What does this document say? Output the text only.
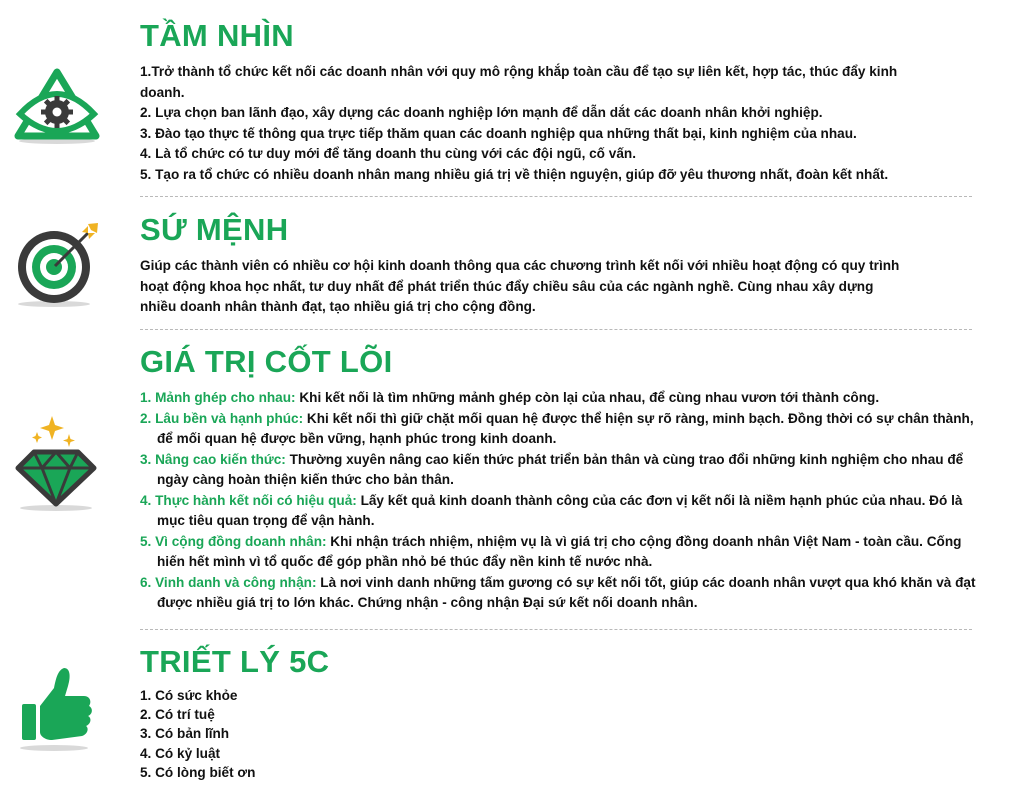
TẦM NHÌN

1.Trở thành tổ chức kết nối các doanh nhân với quy mô rộng khắp toàn cầu để tạo sự liên kết, hợp tác, thúc đẩy kinh

doanh.

2. Lựa chọn ban lãnh đạo, xây dựng các doanh nghiệp lớn mạnh để dẫn dắt các doanh nhân khởi nghiệp.

3. Đào tạo thực tế thông qua trực tiếp thăm quan các doanh nghiệp qua những thất bại, kinh nghiệm của nhau.

4. Là tổ chức có tư duy mới để tăng doanh thu cùng với các đội ngũ, cố vấn.

5. Tạo ra tổ chức có nhiều doanh nhân mang nhiều giá trị về thiện nguyện, giúp đỡ yêu thương nhất, đoàn kết nhất.

SỨ MỆNH

Giúp các thành viên có nhiều cơ hội kinh doanh thông qua các chương trình kết nối với nhiều hoạt động có quy trình

hoạt động khoa học nhất, tư duy nhất để phát triển thúc đẩy chiều sâu của các ngành nghề. Cùng nhau xây dựng

nhiều doanh nhân thành đạt, tạo nhiều giá trị cho cộng đồng.

GIÁ TRỊ CỐT LÕI

1. Mảnh ghép cho nhau: Khi kết nối là tìm những mảnh ghép còn lại của nhau, để cùng nhau vươn tới thành công.

2. Lâu bền và hạnh phúc: Khi kết nối thì giữ chặt mối quan hệ được thể hiện sự rõ ràng, minh bạch. Đồng thời có sự chân thành, để mối quan hệ được bền vững, hạnh phúc trong kinh doanh.

3. Nâng cao kiến thức: Thường xuyên nâng cao kiến thức phát triển bản thân và cùng trao đổi những kinh nghiệm cho nhau để ngày càng hoàn thiện kiến thức cho bản thân.

4. Thực hành kết nối có hiệu quả: Lấy kết quả kinh doanh thành công của các đơn vị kết nối là niềm hạnh phúc của nhau. Đó là mục tiêu quan trọng để vận hành.

5. Vì cộng đồng doanh nhân: Khi nhận trách nhiệm, nhiệm vụ là vì giá trị cho cộng đồng doanh nhân Việt Nam - toàn cầu. Cống hiến hết mình vì tổ quốc để góp phần nhỏ bé thúc đẩy nền kinh tế nước nhà.

6. Vinh danh và công nhận: Là nơi vinh danh những tấm gương có sự kết nối tốt, giúp các doanh nhân vượt qua khó khăn và đạt được nhiều giá trị to lớn khác. Chứng nhận - công nhận Đại sứ kết nối doanh nhân.

TRIẾT LÝ 5C

1. Có sức khỏe

2. Có trí tuệ

3. Có bản lĩnh

4. Có kỷ luật

5. Có lòng biết ơn
